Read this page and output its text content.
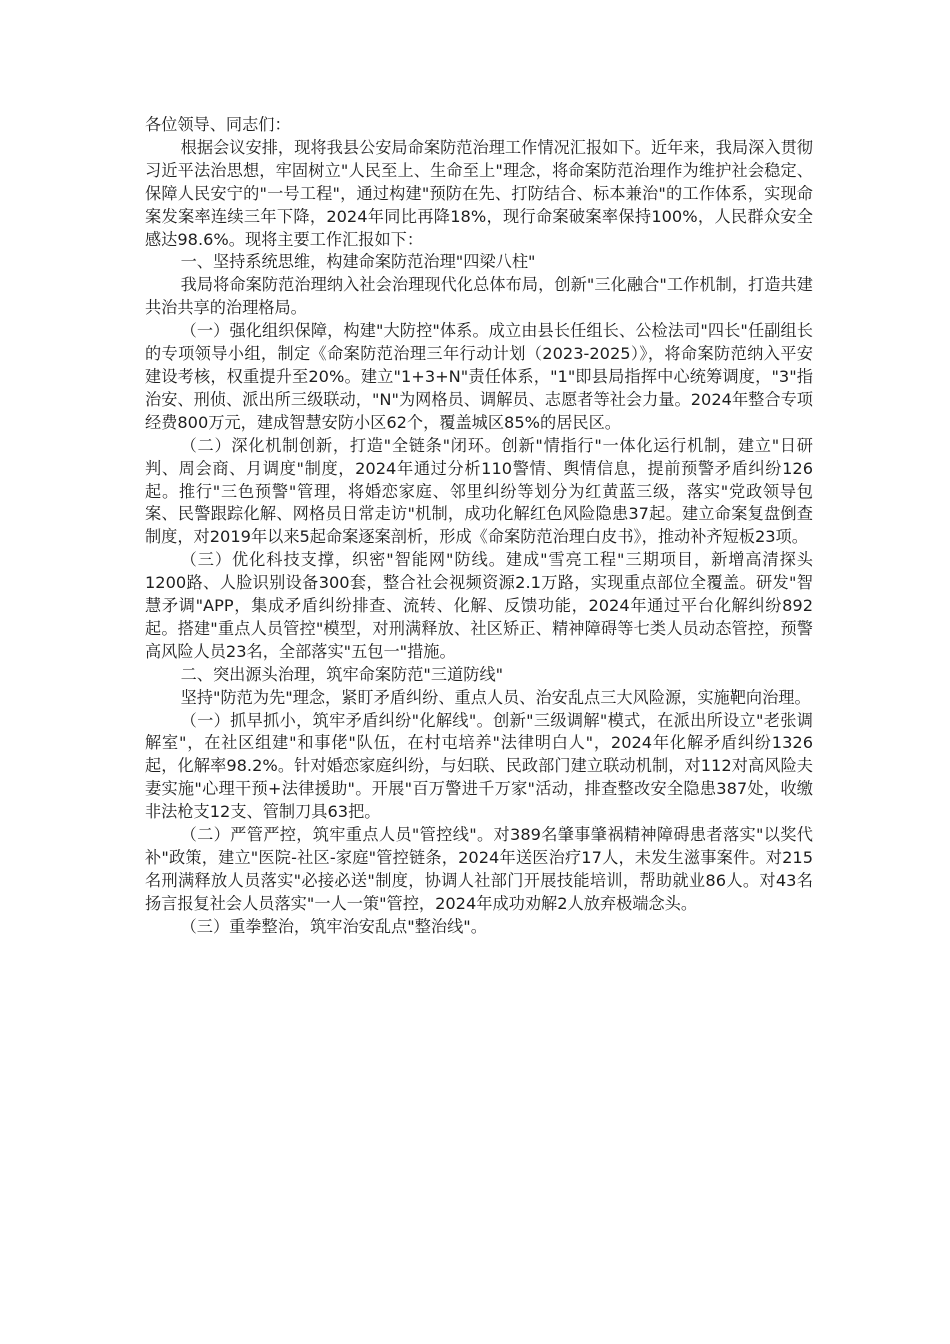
各位领导、同志们：

根据会议安排，现将我县公安局命案防范治理工作情况汇报如下。近年来，我局深入贯彻习近平法治思想，牢固树立"人民至上、生命至上"理念，将命案防范治理作为维护社会稳定、保障人民安宁的"一号工程"，通过构建"预防在先、打防结合、标本兼治"的工作体系，实现命案发案率连续三年下降，2024年同比再降18%，现行命案破案率保持100%，人民群众安全感达98.6%。现将主要工作汇报如下：

一、坚持系统思维，构建命案防范治理"四梁八柱"

我局将命案防范治理纳入社会治理现代化总体布局，创新"三化融合"工作机制，打造共建共治共享的治理格局。

（一）强化组织保障，构建"大防控"体系。成立由县长任组长、公检法司"四长"任副组长的专项领导小组，制定《命案防范治理三年行动计划（2023-2025）》，将命案防范纳入平安建设考核，权重提升至20%。建立"1+3+N"责任体系，"1"即县局指挥中心统筹调度，"3"指治安、刑侦、派出所三级联动，"N"为网格员、调解员、志愿者等社会力量。2024年整合专项经费800万元，建成智慧安防小区62个，覆盖城区85%的居民区。

（二）深化机制创新，打造"全链条"闭环。创新"情指行"一体化运行机制，建立"日研判、周会商、月调度"制度，2024年通过分析110警情、舆情信息，提前预警矛盾纠纷126起。推行"三色预警"管理，将婚恋家庭、邻里纠纷等划分为红黄蓝三级，落实"党政领导包案、民警跟踪化解、网格员日常走访"机制，成功化解红色风险隐患37起。建立命案复盘倒查制度，对2019年以来5起命案逐案剖析，形成《命案防范治理白皮书》，推动补齐短板23项。

（三）优化科技支撑，织密"智能网"防线。建成"雪亮工程"三期项目，新增高清探头1200路、人脸识别设备300套，整合社会视频资源2.1万路，实现重点部位全覆盖。研发"智慧矛调"APP，集成矛盾纠纷排查、流转、化解、反馈功能，2024年通过平台化解纠纷892起。搭建"重点人员管控"模型，对刑满释放、社区矫正、精神障碍等七类人员动态管控，预警高风险人员23名，全部落实"五包一"措施。

二、突出源头治理，筑牢命案防范"三道防线"

坚持"防范为先"理念，紧盯矛盾纠纷、重点人员、治安乱点三大风险源，实施靶向治理。

（一）抓早抓小，筑牢矛盾纠纷"化解线"。创新"三级调解"模式，在派出所设立"老张调解室"，在社区组建"和事佬"队伍，在村屯培养"法律明白人"，2024年化解矛盾纠纷1326起，化解率98.2%。针对婚恋家庭纠纷，与妇联、民政部门建立联动机制，对112对高风险夫妻实施"心理干预+法律援助"。开展"百万警进千万家"活动，排查整改安全隐患387处，收缴非法枪支12支、管制刀具63把。

（二）严管严控，筑牢重点人员"管控线"。对389名肇事肇祸精神障碍患者落实"以奖代补"政策，建立"医院-社区-家庭"管控链条，2024年送医治疗17人，未发生滋事案件。对215名刑满释放人员落实"必接必送"制度，协调人社部门开展技能培训，帮助就业86人。对43名扬言报复社会人员落实"一人一策"管控，2024年成功劝解2人放弃极端念头。

（三）重拳整治，筑牢治安乱点"整治线"。
